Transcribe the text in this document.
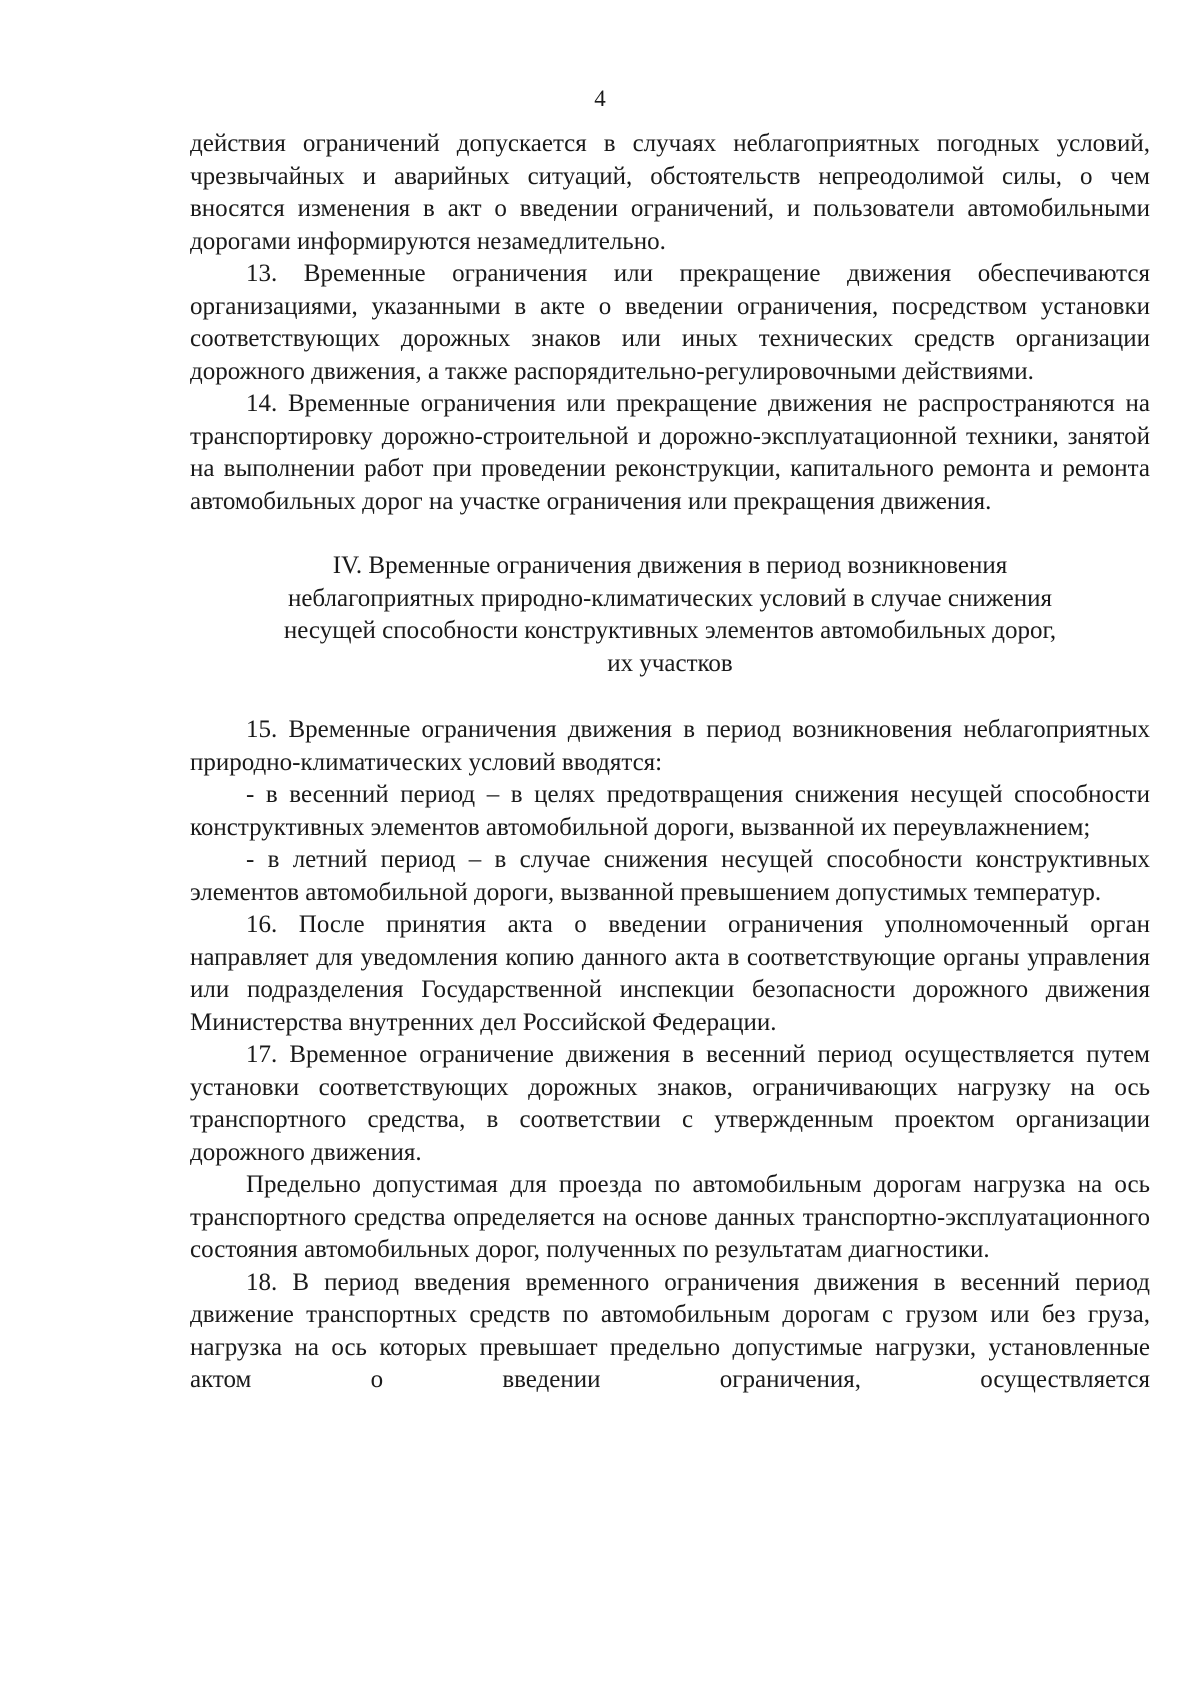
4

действия ограничений допускается в случаях неблагоприятных погодных условий, чрезвычайных и аварийных ситуаций, обстоятельств непреодолимой силы, о чем вносятся изменения в акт о введении ограничений, и пользователи автомобильными дорогами информируются незамедлительно.

13. Временные ограничения или прекращение движения обеспечиваются организациями, указанными в акте о введении ограничения, посредством установки соответствующих дорожных знаков или иных технических средств организации дорожного движения, а также распорядительно-регулировочными действиями.

14. Временные ограничения или прекращение движения не распространяются на транспортировку дорожно-строительной и дорожно-эксплуатационной техники, занятой на выполнении работ при проведении реконструкции, капитального ремонта и ремонта автомобильных дорог на участке ограничения или прекращения движения.

IV. Временные ограничения движения в период возникновения
неблагоприятных природно-климатических условий в случае снижения
несущей способности конструктивных элементов автомобильных дорог,
их участков

15. Временные ограничения движения в период возникновения неблагоприятных природно-климатических условий вводятся:

- в весенний период – в целях предотвращения снижения несущей способности конструктивных элементов автомобильной дороги, вызванной их переувлажнением;

- в летний период – в случае снижения несущей способности конструктивных элементов автомобильной дороги, вызванной превышением допустимых температур.

16. После принятия акта о введении ограничения уполномоченный орган направляет для уведомления копию данного акта в соответствующие органы управления или подразделения Государственной инспекции безопасности дорожного движения Министерства внутренних дел Российской Федерации.

17. Временное ограничение движения в весенний период осуществляется путем установки соответствующих дорожных знаков, ограничивающих нагрузку на ось транспортного средства, в соответствии с утвержденным проектом организации дорожного движения.

Предельно допустимая для проезда по автомобильным дорогам нагрузка на ось транспортного средства определяется на основе данных транспортно-эксплуатационного состояния автомобильных дорог, полученных по результатам диагностики.

18. В период введения временного ограничения движения в весенний период движение транспортных средств по автомобильным дорогам с грузом или без груза, нагрузка на ось которых превышает предельно допустимые нагрузки, установленные актом о введении ограничения, осуществляется
